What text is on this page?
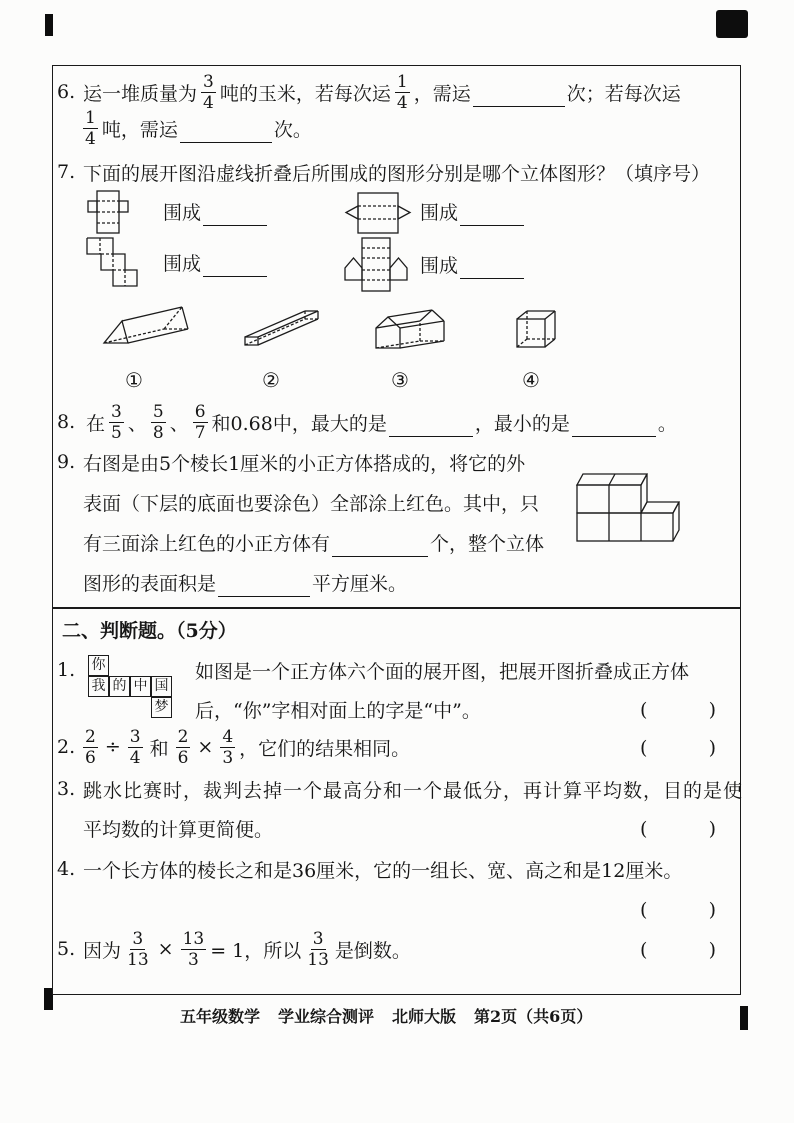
6. 运一堆质量为 $\frac{3}{4}$ 吨的玉米，若每次运 $\frac{1}{4}$ ，需运	次；若每次运
$\frac{1}{4}$ 吨，需运	次。
7. 下面的展开图沿虚线折叠后所围成的图形分别是哪个立体图形？（填序号）
围成	围成
围成	围成
①	②	③	④
8. 在 $\frac{3}{5}$ 、 $\frac{5}{8}$ 、 $\frac{6}{7}$ 和0.68中，最大的是	，最小的是	。
9. 右图是由5个棱长1厘米的小正方体搭成的，将它的外
表面（下层的底面也要涂色）全部涂上红色。其中，只
有三面涂上红色的小正方体有	个，整个立体
图形的表面积是	平方厘米。
二、判断题。（5分）
1.	你
我 的 中 国
梦
如图是一个正方体六个面的展开图，把展开图折叠成正方体
后，“你”字相对面上的字是“中”。	(	)
2. $\frac{2}{6} \div \frac{3}{4}$ 和 $\frac{2}{6} \times \frac{4}{3}$ ，它们的结果相同。	(	)
3. 跳水比赛时，裁判去掉一个最高分和一个最低分，再计算平均数，目的是使
平均数的计算更简便。	(	)
4. 一个长方体的棱长之和是36厘米，它的一组长、宽、高之和是12厘米。
(	)
5. 因为 $\frac{3}{13} \times \frac{13}{3} = 1$，所以 $\frac{3}{13}$ 是倒数。	(	)
五年级数学 学业综合测评 北师大版 第2页（共6页）
